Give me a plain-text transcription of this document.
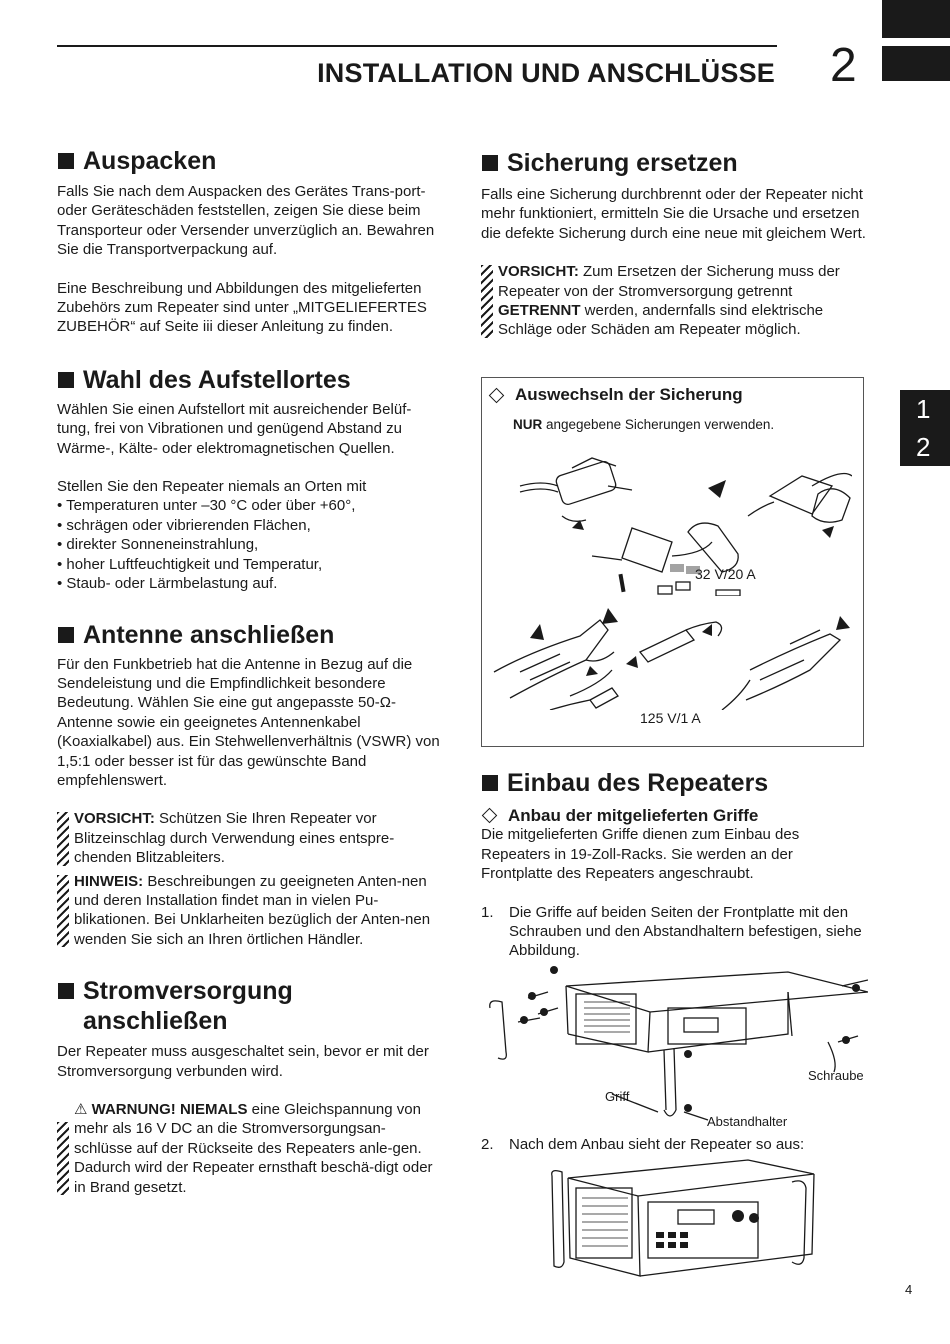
INSTALLATION UND ANSCHLÜSSE 2
1
2
4
Auspacken

Falls Sie nach dem Auspacken des Gerätes Trans-port- oder Geräteschäden feststellen, zeigen Sie diese beim Transporteur oder Versender unverzüglich an. Bewahren Sie die Transportverpackung auf.

Eine Beschreibung und Abbildungen des mitgelieferten Zubehörs zum Repeater sind unter „MITGELIEFERTES ZUBEHÖR“ auf Seite iii dieser Anleitung zu finden.

Wahl des Aufstellortes

Wählen Sie einen Aufstellort mit ausreichender Belüf-tung, frei von Vibrationen und genügend Abstand zu Wärme-, Kälte- oder elektromagnetischen Quellen.

Stellen Sie den Repeater niemals an Orten mit

• Temperaturen unter –30 °C oder über +60°,
• schrägen oder vibrierenden Flächen,
• direkter Sonneneinstrahlung,
• hoher Luftfeuchtigkeit und Temperatur,
• Staub- oder Lärmbelastung auf.
Antenne anschließen

Für den Funkbetrieb hat die Antenne in Bezug auf die Sendeleistung und die Empfindlichkeit besondere Bedeutung. Wählen Sie eine gut angepasste 50-Ω-Antenne sowie ein geeignetes Antennenkabel (Koaxialkabel) aus. Ein Stehwellenverhältnis (VSWR) von 1,5:1 oder besser ist für das gewünschte Band empfehlenswert.

VORSICHT: Schützen Sie Ihren Repeater vor Blitzeinschlag durch Verwendung eines entspre-chenden Blitzableiters.
HINWEIS: Beschreibungen zu geeigneten Anten-nen und deren Installation findet man in vielen Pu-blikationen. Bei Unklarheiten bezüglich der Anten-nen wenden Sie sich an Ihren örtlichen Händler.
Stromversorgung
anschließen

Der Repeater muss ausgeschaltet sein, bevor er mit der Stromversorgung verbunden wird.

⚠ WARNUNG! NIEMALS eine Gleichspannung von mehr als 16 V DC an die Stromversorgungsan-schlüsse auf der Rückseite des Repeaters anle-gen. Dadurch wird der Repeater ernsthaft beschä-digt oder in Brand gesetzt.
Sicherung ersetzen

Falls eine Sicherung durchbrennt oder der Repeater nicht mehr funktioniert, ermitteln Sie die Ursache und ersetzen die defekte Sicherung durch eine neue mit gleichem Wert.

VORSICHT: Zum Ersetzen der Sicherung muss der Repeater von der Stromversorgung getrennt GETRENNT werden, andernfalls sind elektrische Schläge oder Schäden am Repeater möglich.
Auswechseln der Sicherung
NUR angegebene Sicherungen verwenden.
32 V/20 A
125 V/1 A
Einbau des Repeaters
Anbau der mitgelieferten Griffe

Die mitgelieferten Griffe dienen zum Einbau des Repeaters in 19-Zoll-Racks. Sie werden an der Frontplatte des Repeaters angeschraubt.

1.	Die Griffe auf beiden Seiten der Frontplatte mit den Schrauben und den Abstandhaltern befestigen, siehe Abbildung.
Schraube
Griff
Abstandhalter
2.	Nach dem Anbau sieht der Repeater so aus:
